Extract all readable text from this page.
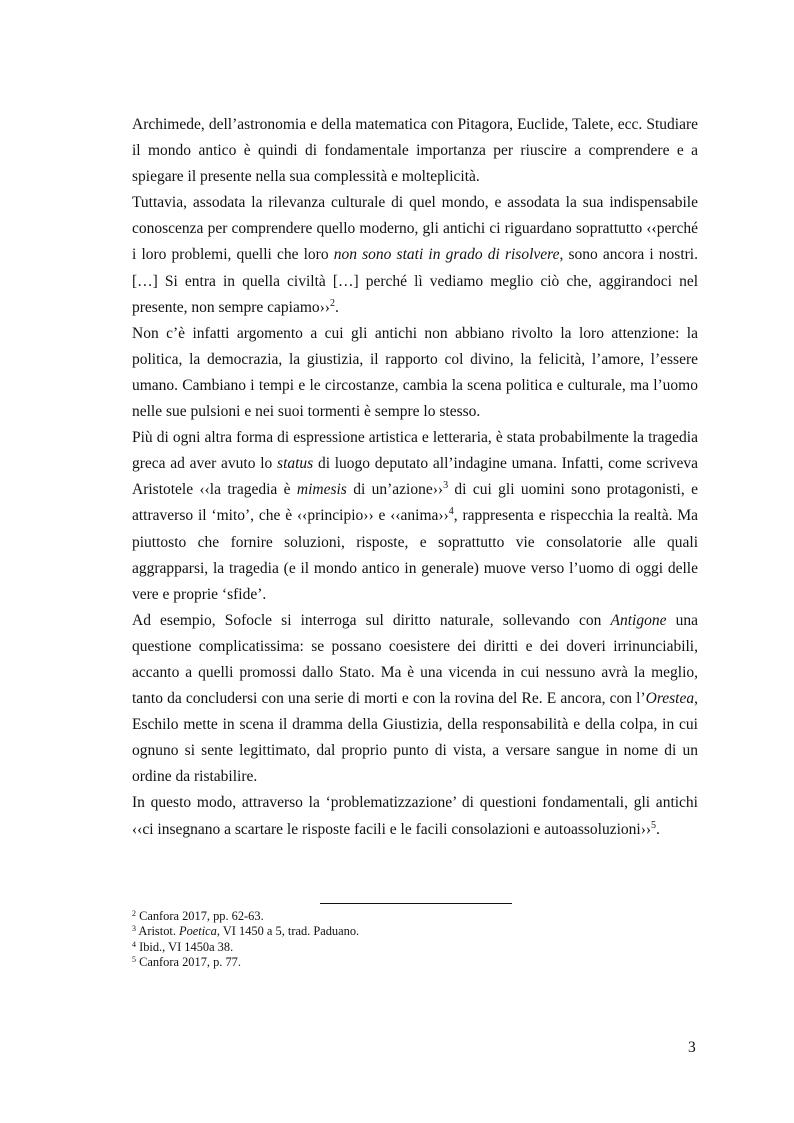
Archimede, dell’astronomia e della matematica con Pitagora, Euclide, Talete, ecc. Studiare il mondo antico è quindi di fondamentale importanza per riuscire a comprendere e a spiegare il presente nella sua complessità e molteplicità.

Tuttavia, assodata la rilevanza culturale di quel mondo, e assodata la sua indispensabile conoscenza per comprendere quello moderno, gli antichi ci riguardano soprattutto ‹‹perché i loro problemi, quelli che loro non sono stati in grado di risolvere, sono ancora i nostri. […] Si entra in quella civiltà […] perché lì vediamo meglio ciò che, aggirandoci nel presente, non sempre capiamo››$^2$.

Non c’è infatti argomento a cui gli antichi non abbiano rivolto la loro attenzione: la politica, la democrazia, la giustizia, il rapporto col divino, la felicità, l’amore, l’essere umano. Cambiano i tempi e le circostanze, cambia la scena politica e culturale, ma l’uomo nelle sue pulsioni e nei suoi tormenti è sempre lo stesso.

Più di ogni altra forma di espressione artistica e letteraria, è stata probabilmente la tragedia greca ad aver avuto lo status di luogo deputato all’indagine umana. Infatti, come scriveva Aristotele ‹‹la tragedia è mimesis di un’azione››$^3$ di cui gli uomini sono protagonisti, e attraverso il ‘mito’, che è ‹‹principio›› e ‹‹anima››$^4$, rappresenta e rispecchia la realtà. Ma piuttosto che fornire soluzioni, risposte, e soprattutto vie consolatorie alle quali aggrapparsi, la tragedia (e il mondo antico in generale) muove verso l’uomo di oggi delle vere e proprie ‘sfide’.

Ad esempio, Sofocle si interroga sul diritto naturale, sollevando con Antigone una questione complicatissima: se possano coesistere dei diritti e dei doveri irrinunciabili, accanto a quelli promossi dallo Stato. Ma è una vicenda in cui nessuno avrà la meglio, tanto da concludersi con una serie di morti e con la rovina del Re. E ancora, con l’Orestea, Eschilo mette in scena il dramma della Giustizia, della responsabilità e della colpa, in cui ognuno si sente legittimato, dal proprio punto di vista, a versare sangue in nome di un ordine da ristabilire.

In questo modo, attraverso la ‘problematizzazione’ di questioni fondamentali, gli antichi ‹‹ci insegnano a scartare le risposte facili e le facili consolazioni e autoassoluzioni››$^5$.

$^2$ Canfora 2017, pp. 62-63.

$^3$ Aristot. Poetica, VI 1450 a 5, trad. Paduano.

$^4$ Ibid., VI 1450a 38.

$^5$ Canfora 2017, p. 77.

3
